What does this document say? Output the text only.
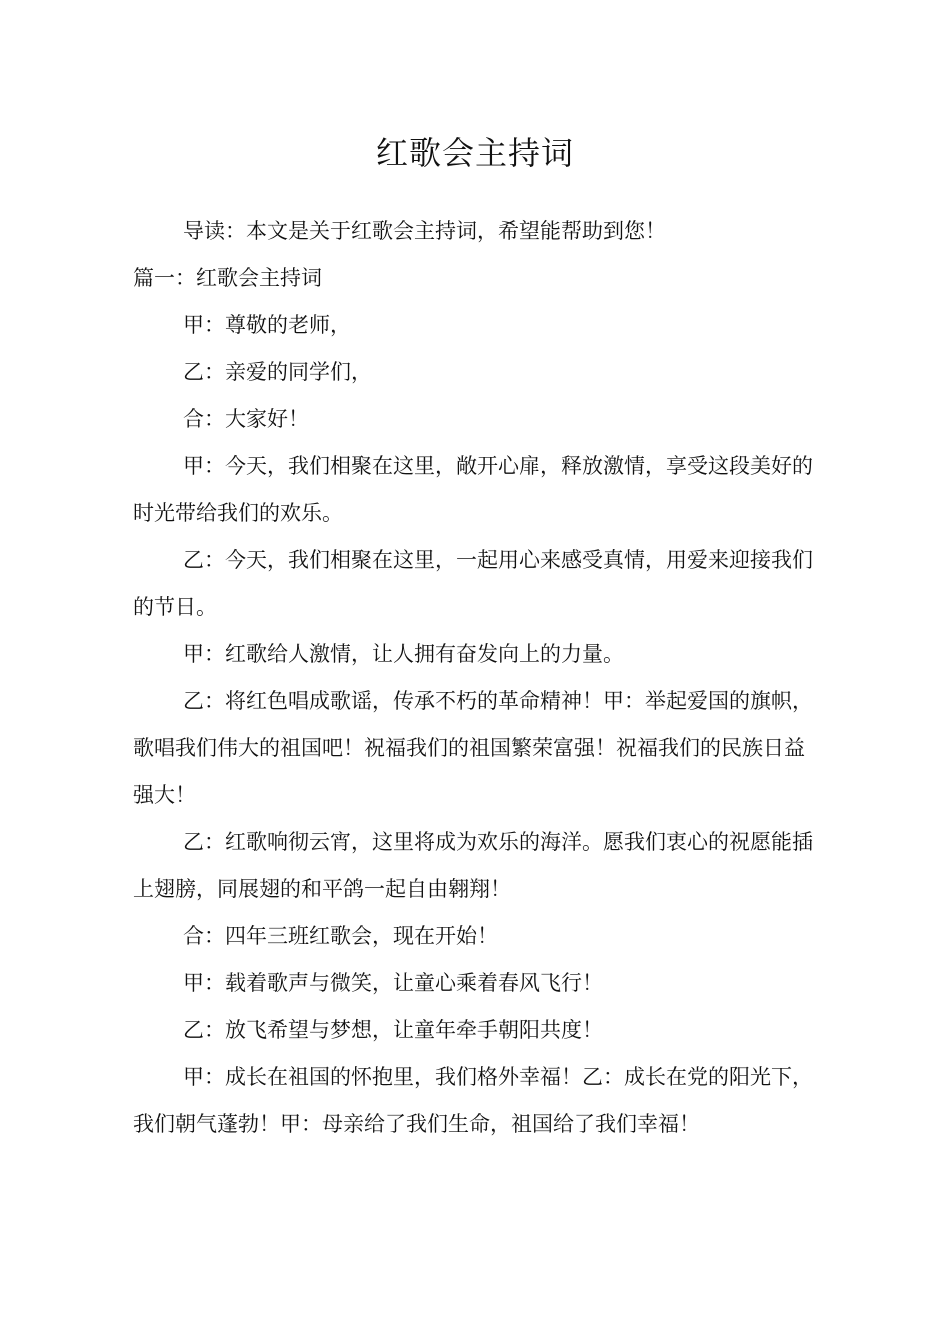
红歌会主持词

导读：本文是关于红歌会主持词，希望能帮助到您！

篇一：红歌会主持词

甲：尊敬的老师，

乙：亲爱的同学们，

合：大家好！

甲：今天，我们相聚在这里，敞开心扉，释放激情，享受这段美好的时光带给我们的欢乐。

乙：今天，我们相聚在这里，一起用心来感受真情，用爱来迎接我们的节日。

甲：红歌给人激情，让人拥有奋发向上的力量。

乙：将红色唱成歌谣，传承不朽的革命精神！甲：举起爱国的旗帜，歌唱我们伟大的祖国吧！祝福我们的祖国繁荣富强！祝福我们的民族日益强大！

乙：红歌响彻云宵，这里将成为欢乐的海洋。愿我们衷心的祝愿能插上翅膀，同展翅的和平鸽一起自由翱翔！

合：四年三班红歌会，现在开始！

甲：载着歌声与微笑，让童心乘着春风飞行！

乙：放飞希望与梦想，让童年牵手朝阳共度！

甲：成长在祖国的怀抱里，我们格外幸福！乙：成长在党的阳光下，我们朝气蓬勃！甲：母亲给了我们生命，祖国给了我们幸福！
